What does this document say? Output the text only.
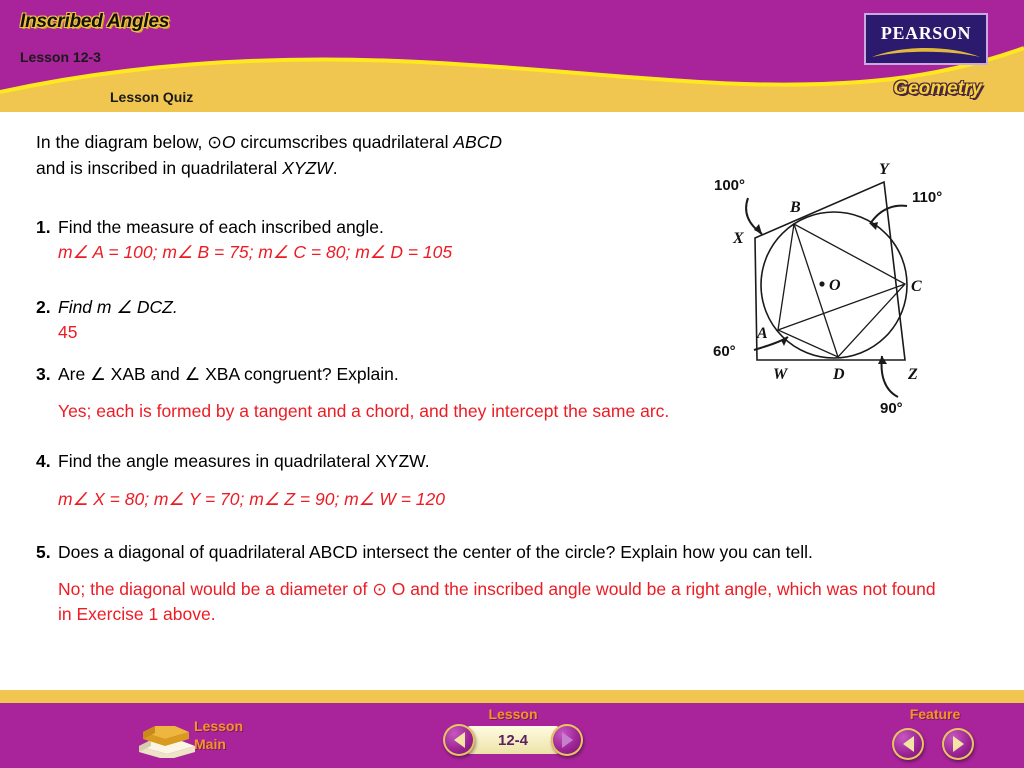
Inscribed Angles
Lesson 12-3
Lesson Quiz
PEARSON
Geometry
In the diagram below, ⊙O circumscribes quadrilateral ABCD
and is inscribed in quadrilateral XYZW.
1. Find the measure of each inscribed angle.
m∠ A = 100; m∠ B = 75; m∠ C = 80; m∠ D = 105
2. Find m ∠ DCZ.
45
3. Are ∠ XAB and ∠ XBA congruent? Explain.
Yes; each is formed by a tangent and a chord, and they intercept the same arc.
4. Find the angle measures in quadrilateral XYZW.
m∠ X = 80; m∠ Y = 70; m∠ Z = 90; m∠ W = 120
5. Does a diagonal of quadrilateral ABCD intersect the center of the circle? Explain how you can tell.
No; the diagonal would be a diameter of ⊙ O and the inscribed angle would be a right angle, which was not found in Exercise 1 above.
Y
B
X
A
W	D	Z
C
O
100°
110°
60°
90°
Lesson
Main
Lesson
12-4
Feature
